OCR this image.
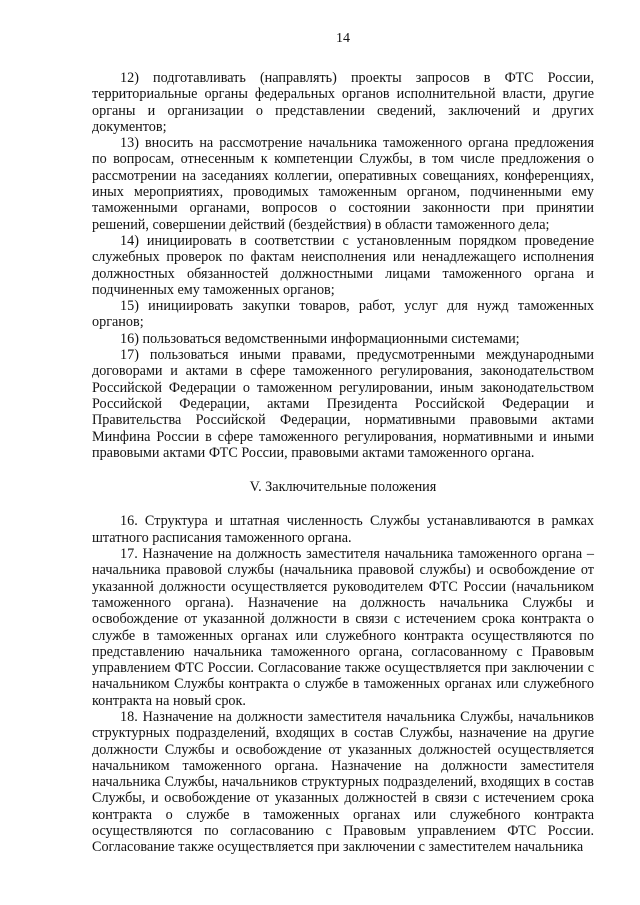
14

12) подготавливать (направлять) проекты запросов в ФТС России, территориальные органы федеральных органов исполнительной власти, другие органы и организации о представлении сведений, заключений и других документов;

13) вносить на рассмотрение начальника таможенного органа предложения по вопросам, отнесенным к компетенции Службы, в том числе предложения о рассмотрении на заседаниях коллегии, оперативных совещаниях, конференциях, иных мероприятиях, проводимых таможенным органом, подчиненными ему таможенными органами, вопросов о состоянии законности при принятии решений, совершении действий (бездействия) в области таможенного дела;

14) инициировать в соответствии с установленным порядком проведение служебных проверок по фактам неисполнения или ненадлежащего исполнения должностных обязанностей должностными лицами таможенного органа и подчиненных ему таможенных органов;

15) инициировать закупки товаров, работ, услуг для нужд таможенных органов;

16) пользоваться ведомственными информационными системами;

17) пользоваться иными правами, предусмотренными международными договорами и актами в сфере таможенного регулирования, законодательством Российской Федерации о таможенном регулировании, иным законодательством Российской Федерации, актами Президента Российской Федерации и Правительства Российской Федерации, нормативными правовыми актами Минфина России в сфере таможенного регулирования, нормативными и иными правовыми актами ФТС России, правовыми актами таможенного органа.

V. Заключительные положения

16. Структура и штатная численность Службы устанавливаются в рамках штатного расписания таможенного органа.

17. Назначение на должность заместителя начальника таможенного органа – начальника правовой службы (начальника правовой службы) и освобождение от указанной должности осуществляется руководителем ФТС России (начальником таможенного органа). Назначение на должность начальника Службы и освобождение от указанной должности в связи с истечением срока контракта о службе в таможенных органах или служебного контракта осуществляются по представлению начальника таможенного органа, согласованному с Правовым управлением ФТС России. Согласование также осуществляется при заключении с начальником Службы контракта о службе в таможенных органах или служебного контракта на новый срок.

18. Назначение на должности заместителя начальника Службы, начальников структурных подразделений, входящих в состав Службы, назначение на другие должности Службы и освобождение от указанных должностей осуществляется начальником таможенного органа. Назначение на должности заместителя начальника Службы, начальников структурных подразделений, входящих в состав Службы, и освобождение от указанных должностей в связи с истечением срока контракта о службе в таможенных органах или служебного контракта осуществляются по согласованию с Правовым управлением ФТС России. Согласование также осуществляется при заключении с заместителем начальника
